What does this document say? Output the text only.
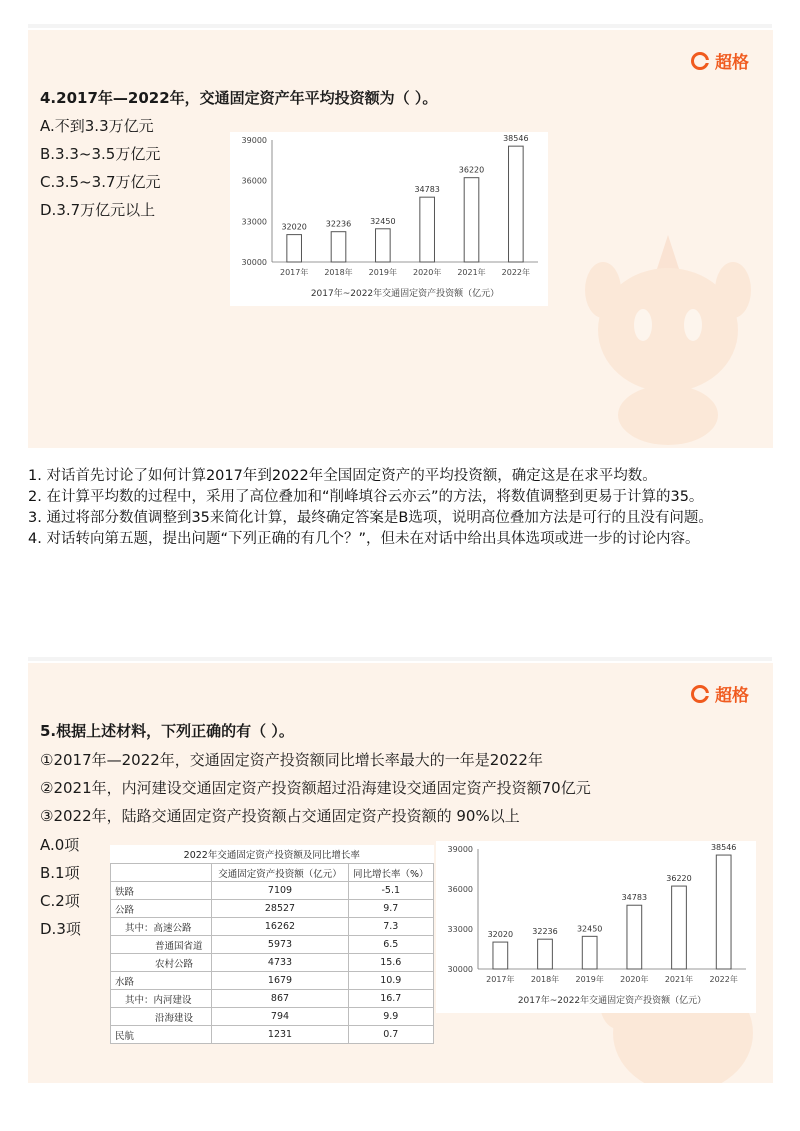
超格
4.2017年—2022年，交通固定资产年平均投资额为（ ）。
A.不到3.3万亿元
B.3.3~3.5万亿元
C.3.5~3.7万亿元
D.3.7万亿元以上
30000
33000
36000
39000
32020
2017年
32236
2018年
32450
2019年
34783
2020年
36220
2021年
38546
2022年
2017年~2022年交通固定资产投资额（亿元）

1. 对话首先讨论了如何计算2017年到2022年全国固定资产的平均投资额，确定这是在求平均数。

2. 在计算平均数的过程中，采用了高位叠加和“削峰填谷云亦云”的方法，将数值调整到更易于计算的35。

3. 通过将部分数值调整到35来简化计算，最终确定答案是B选项，说明高位叠加方法是可行的且没有问题。

4. 对话转向第五题，提出问题“下列正确的有几个？”，但未在对话中给出具体选项或进一步的讨论内容。

超格
5.根据上述材料，下列正确的有（ ）。
①2017年—2022年，交通固定资产投资额同比增长率最大的一年是2022年
②2021年，内河建设交通固定资产投资额超过沿海建设交通固定资产投资额70亿元
③2022年，陆路交通固定资产投资额占交通固定资产投资额的 90%以上
A.0项
B.1项
C.2项
D.3项
30000
33000
36000
39000
32020
2017年
32236
2018年
32450
2019年
34783
2020年
36220
2021年
38546
2022年
2017年~2022年交通固定资产投资额（亿元）
2022年交通固定资产投资额及同比增长率		
	交通固定资产投资额（亿元）	同比增长率（%）
铁路	7109	-5.1
公路	28527	9.7
其中：高速公路	16262	7.3
普通国省道	5973	6.5
农村公路	4733	15.6
水路	1679	10.9
其中：内河建设	867	16.7
沿海建设	794	9.9
民航	1231	0.7
